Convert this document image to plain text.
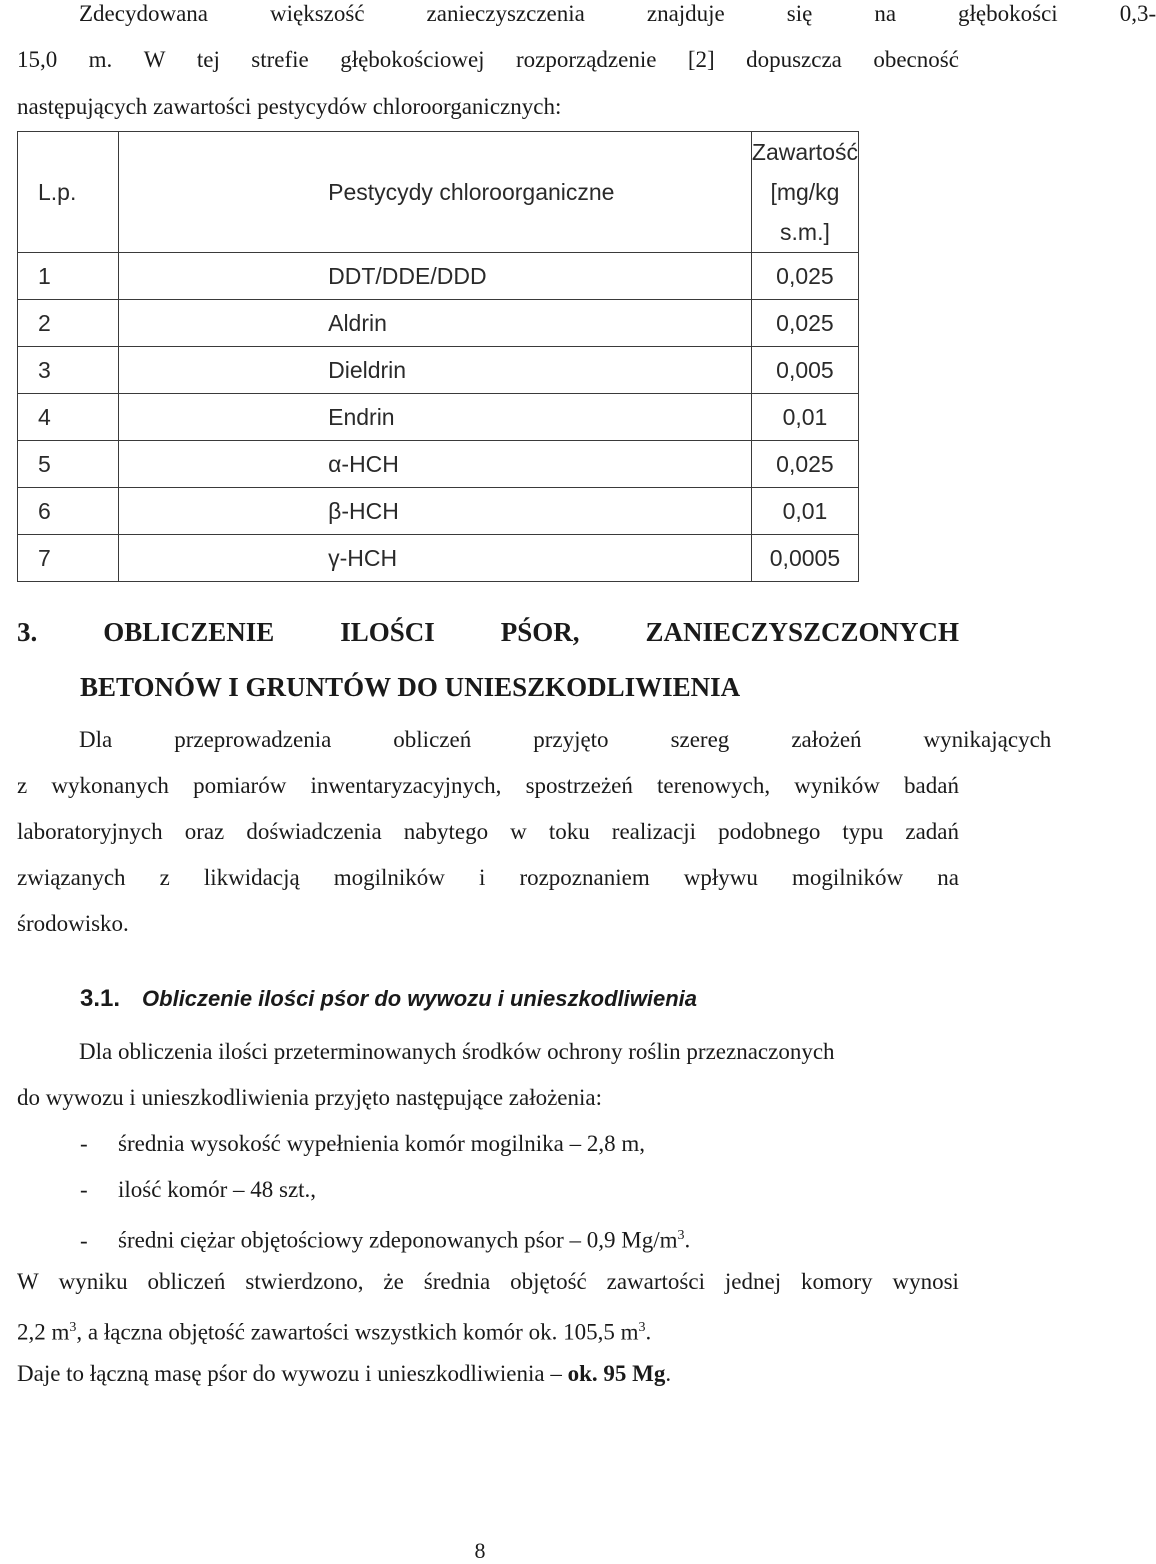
Zdecydowana	większość	zanieczyszczenia	znajduje	się	na	głębokości	0,3-
15,0 m. W tej strefie głębokościowej rozporządzenie [2] dopuszcza obecność
następujących zawartości pestycydów chloroorganicznych:
L.p.	Pestycydy chloroorganiczne	Zawartość
[mg/kg s.m.]

1	DDT/DDE/DDD	0,025
2	Aldrin	0,025
3	Dieldrin	0,005
4	Endrin	0,01
5	α-HCH	0,025
6	β-HCH	0,01
7	γ-HCH	0,0005
3. OBLICZENIE ILOŚCI PŚOR, ZANIECZYSZCZONYCH
BETONÓW I GRUNTÓW DO UNIESZKODLIWIENIA
Dla	przeprowadzenia	obliczeń	przyjęto	szereg	założeń	wynikających
z wykonanych pomiarów inwentaryzacyjnych, spostrzeżeń terenowych, wyników badań
laboratoryjnych oraz doświadczenia nabytego w toku realizacji podobnego typu zadań
związanych z likwidacją mogilników i rozpoznaniem wpływu mogilników na
środowisko.
3.1. Obliczenie ilości pśor do wywozu i unieszkodliwienia
Dla obliczenia ilości przeterminowanych środków ochrony roślin przeznaczonych
do wywozu i unieszkodliwienia przyjęto następujące założenia:
- średnia wysokość wypełnienia komór mogilnika – 2,8 m,
- ilość komór – 48 szt.,
- średni ciężar objętościowy zdeponowanych pśor – 0,9 $Mg/m^3$.
W wyniku obliczeń stwierdzono, że średnia objętość zawartości jednej komory wynosi
2,2 $m^3$, a łączna objętość zawartości wszystkich komór ok. 105,5 $m^3$.
Daje to łączną masę pśor do wywozu i unieszkodliwienia – ok. 95 Mg.
8
